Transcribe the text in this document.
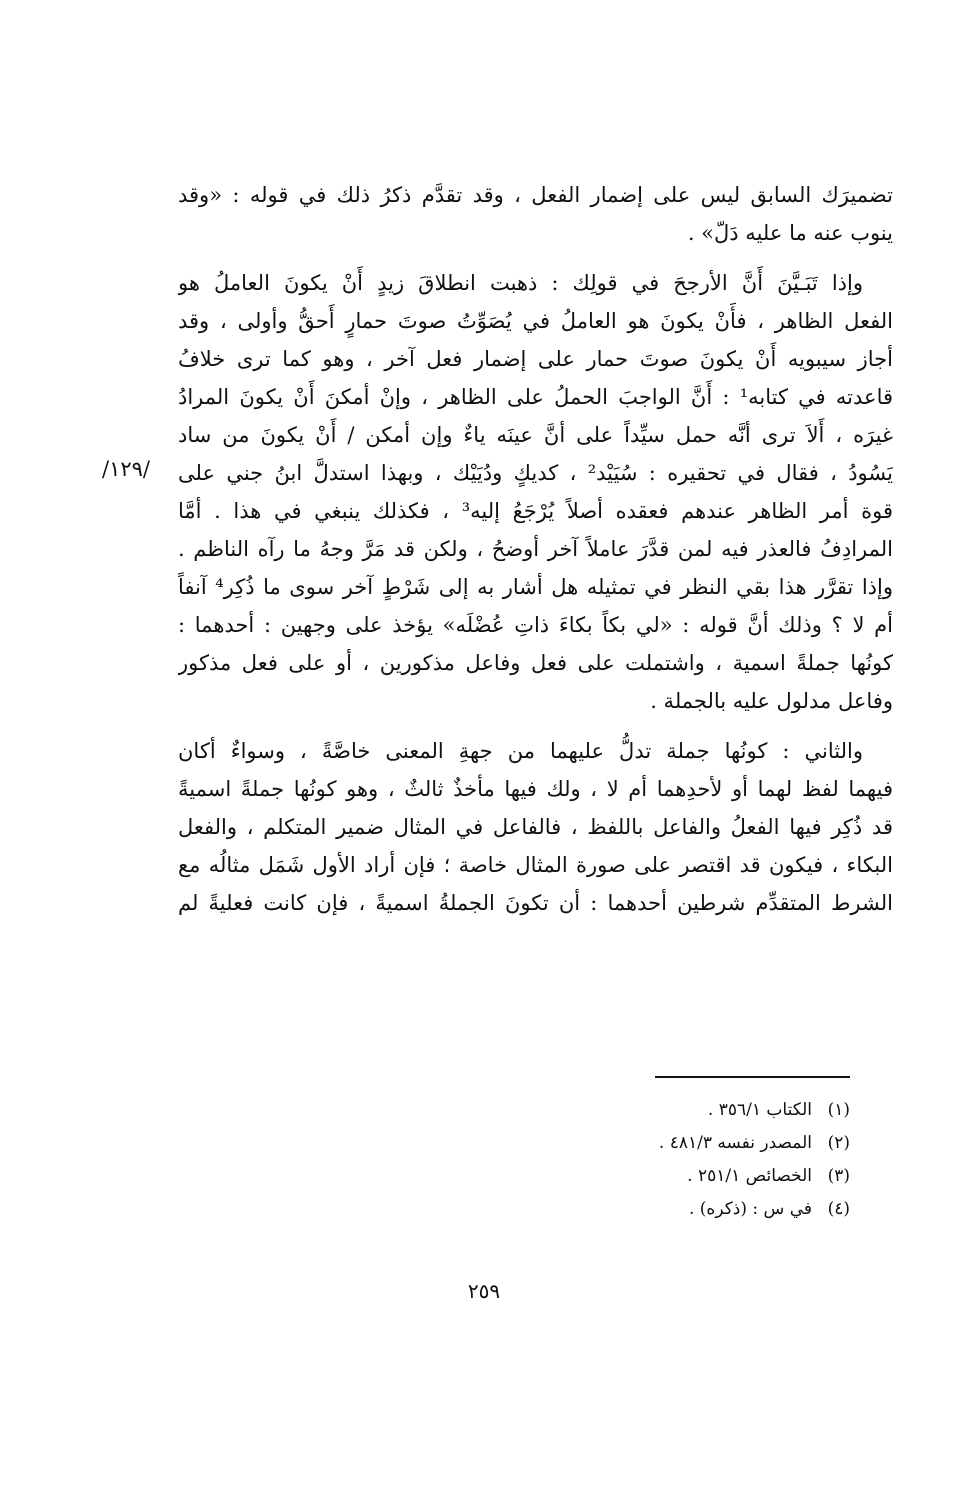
تضميرَك السابق ليس على إضمار الفعل ، وقد تقدَّم ذكرُ ذلك في قوله : «وقد
ينوب عنه ما عليه دَلّ» .
وإذا تَبَـيَّنَ أَنَّ الأرجحَ في قولِك : ذهبت انطلاقَ زيدٍ أَنْ يكونَ العاملُ هو
الفعل الظاهر ، فأَنْ يكونَ هو العاملُ في يُصَوِّتُ صوتَ حمارٍ أَحقُّ وأولى ، وقد
أجاز سيبويه أَنْ يكونَ صوتَ حمار على إضمار فعل آخر ، وهو كما ترى خلافُ
قاعدته في كتابه¹ : أَنَّ الواجبَ الحملُ على الظاهر ، وإنْ أمكنَ أَنْ يكونَ المرادُ
غيرَه ، أَلاَ ترى أنَّه حمل سيِّداً على أنَّ عينَه ياءٌ وإن أمكن / أَنْ يكونَ من ساد
يَسُودُ ، فقال في تحقيره : سُيَيْد² ، كديكٍ ودُيَيْك ، وبهذا استدلَّ ابنُ جني على
قوة أمر الظاهر عندهم فعقده أصلاً يُرْجَعُ إليه³ ، فكذلك ينبغي في هذا . أمَّا
المرادِفُ فالعذر فيه لمن قدَّرَ عاملاً آخر أوضحُ ، ولكن قد مَرَّ وجهُ ما رآه الناظم .
وإذا تقرَّر هذا بقي النظر في تمثيله هل أشار به إلى شَرْطٍ آخر سوى ما ذُكِر⁴ آنفاً
أم لا ؟ وذلك أنَّ قوله : «لي بكاً بكاءَ ذاتِ عُضْلَه» يؤخذ على وجهين : أحدهما :
كونُها جملةً اسمية ، واشتملت على فعل وفاعل مذكورين ، أو على فعل مذكور
وفاعل مدلول عليه بالجملة .
والثاني : كونُها جملة تدلُّ عليهما من جهةِ المعنى خاصَّةً ، وسواءٌ أكان
فيهما لفظ لهما أو لأحدِهما أم لا ، ولك فيها مأخذٌ ثالثٌ ، وهو كونُها جملةً اسميةً
قد ذُكِر فيها الفعلُ والفاعل باللفظ ، فالفاعل في المثال ضمير المتكلم ، والفعل
البكاء ، فيكون قد اقتصر على صورة المثال خاصة ؛ فإن أراد الأول شَمَل مثالُه مع
الشرط المتقدِّم شرطين أحدهما : أن تكونَ الجملةُ اسميةً ، فإن كانت فعليةً لم
/١٢٩/
(١)
الكتاب ٣٥٦/١ .
(٢)
المصدر نفسه ٤٨١/٣ .
(٣)
الخصائص ٢٥١/١ .
(٤)
في س : (ذكره) .
٢٥٩
